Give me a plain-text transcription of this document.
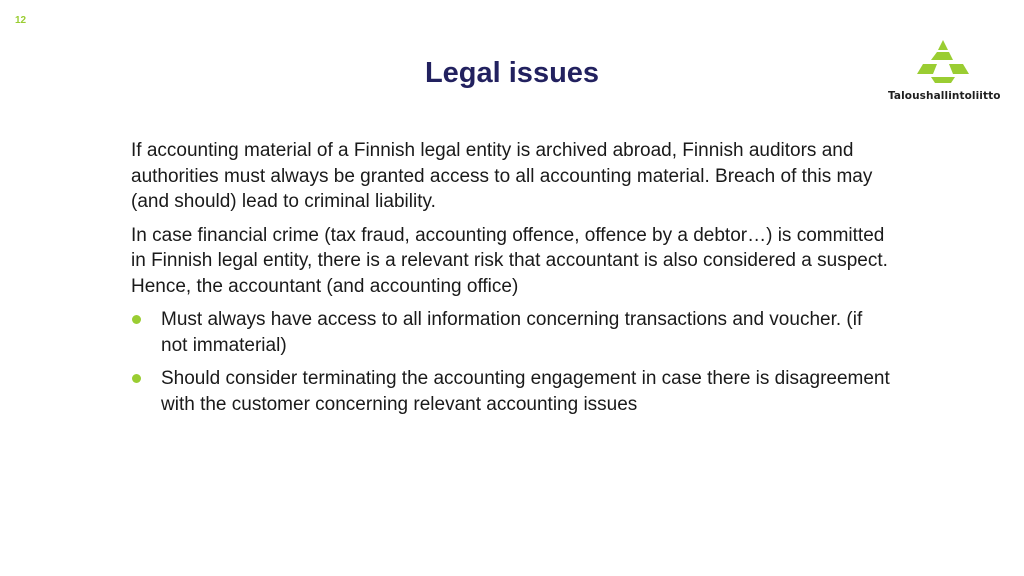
12
Legal issues
Taloushallintoliitto

If accounting material of a Finnish legal entity is archived abroad, Finnish auditors and authorities must always be granted access to all accounting material. Breach of this may (and should) lead to criminal liability.

In case financial crime (tax fraud, accounting offence, offence by a debtor…) is committed in Finnish legal entity, there is a relevant risk that accountant is also considered a suspect. Hence, the accountant (and accounting office)

Must always have access to all information concerning transactions and voucher. (if not immaterial)
Should consider terminating the accounting engagement in case there is disagreement with the customer concerning relevant accounting issues
